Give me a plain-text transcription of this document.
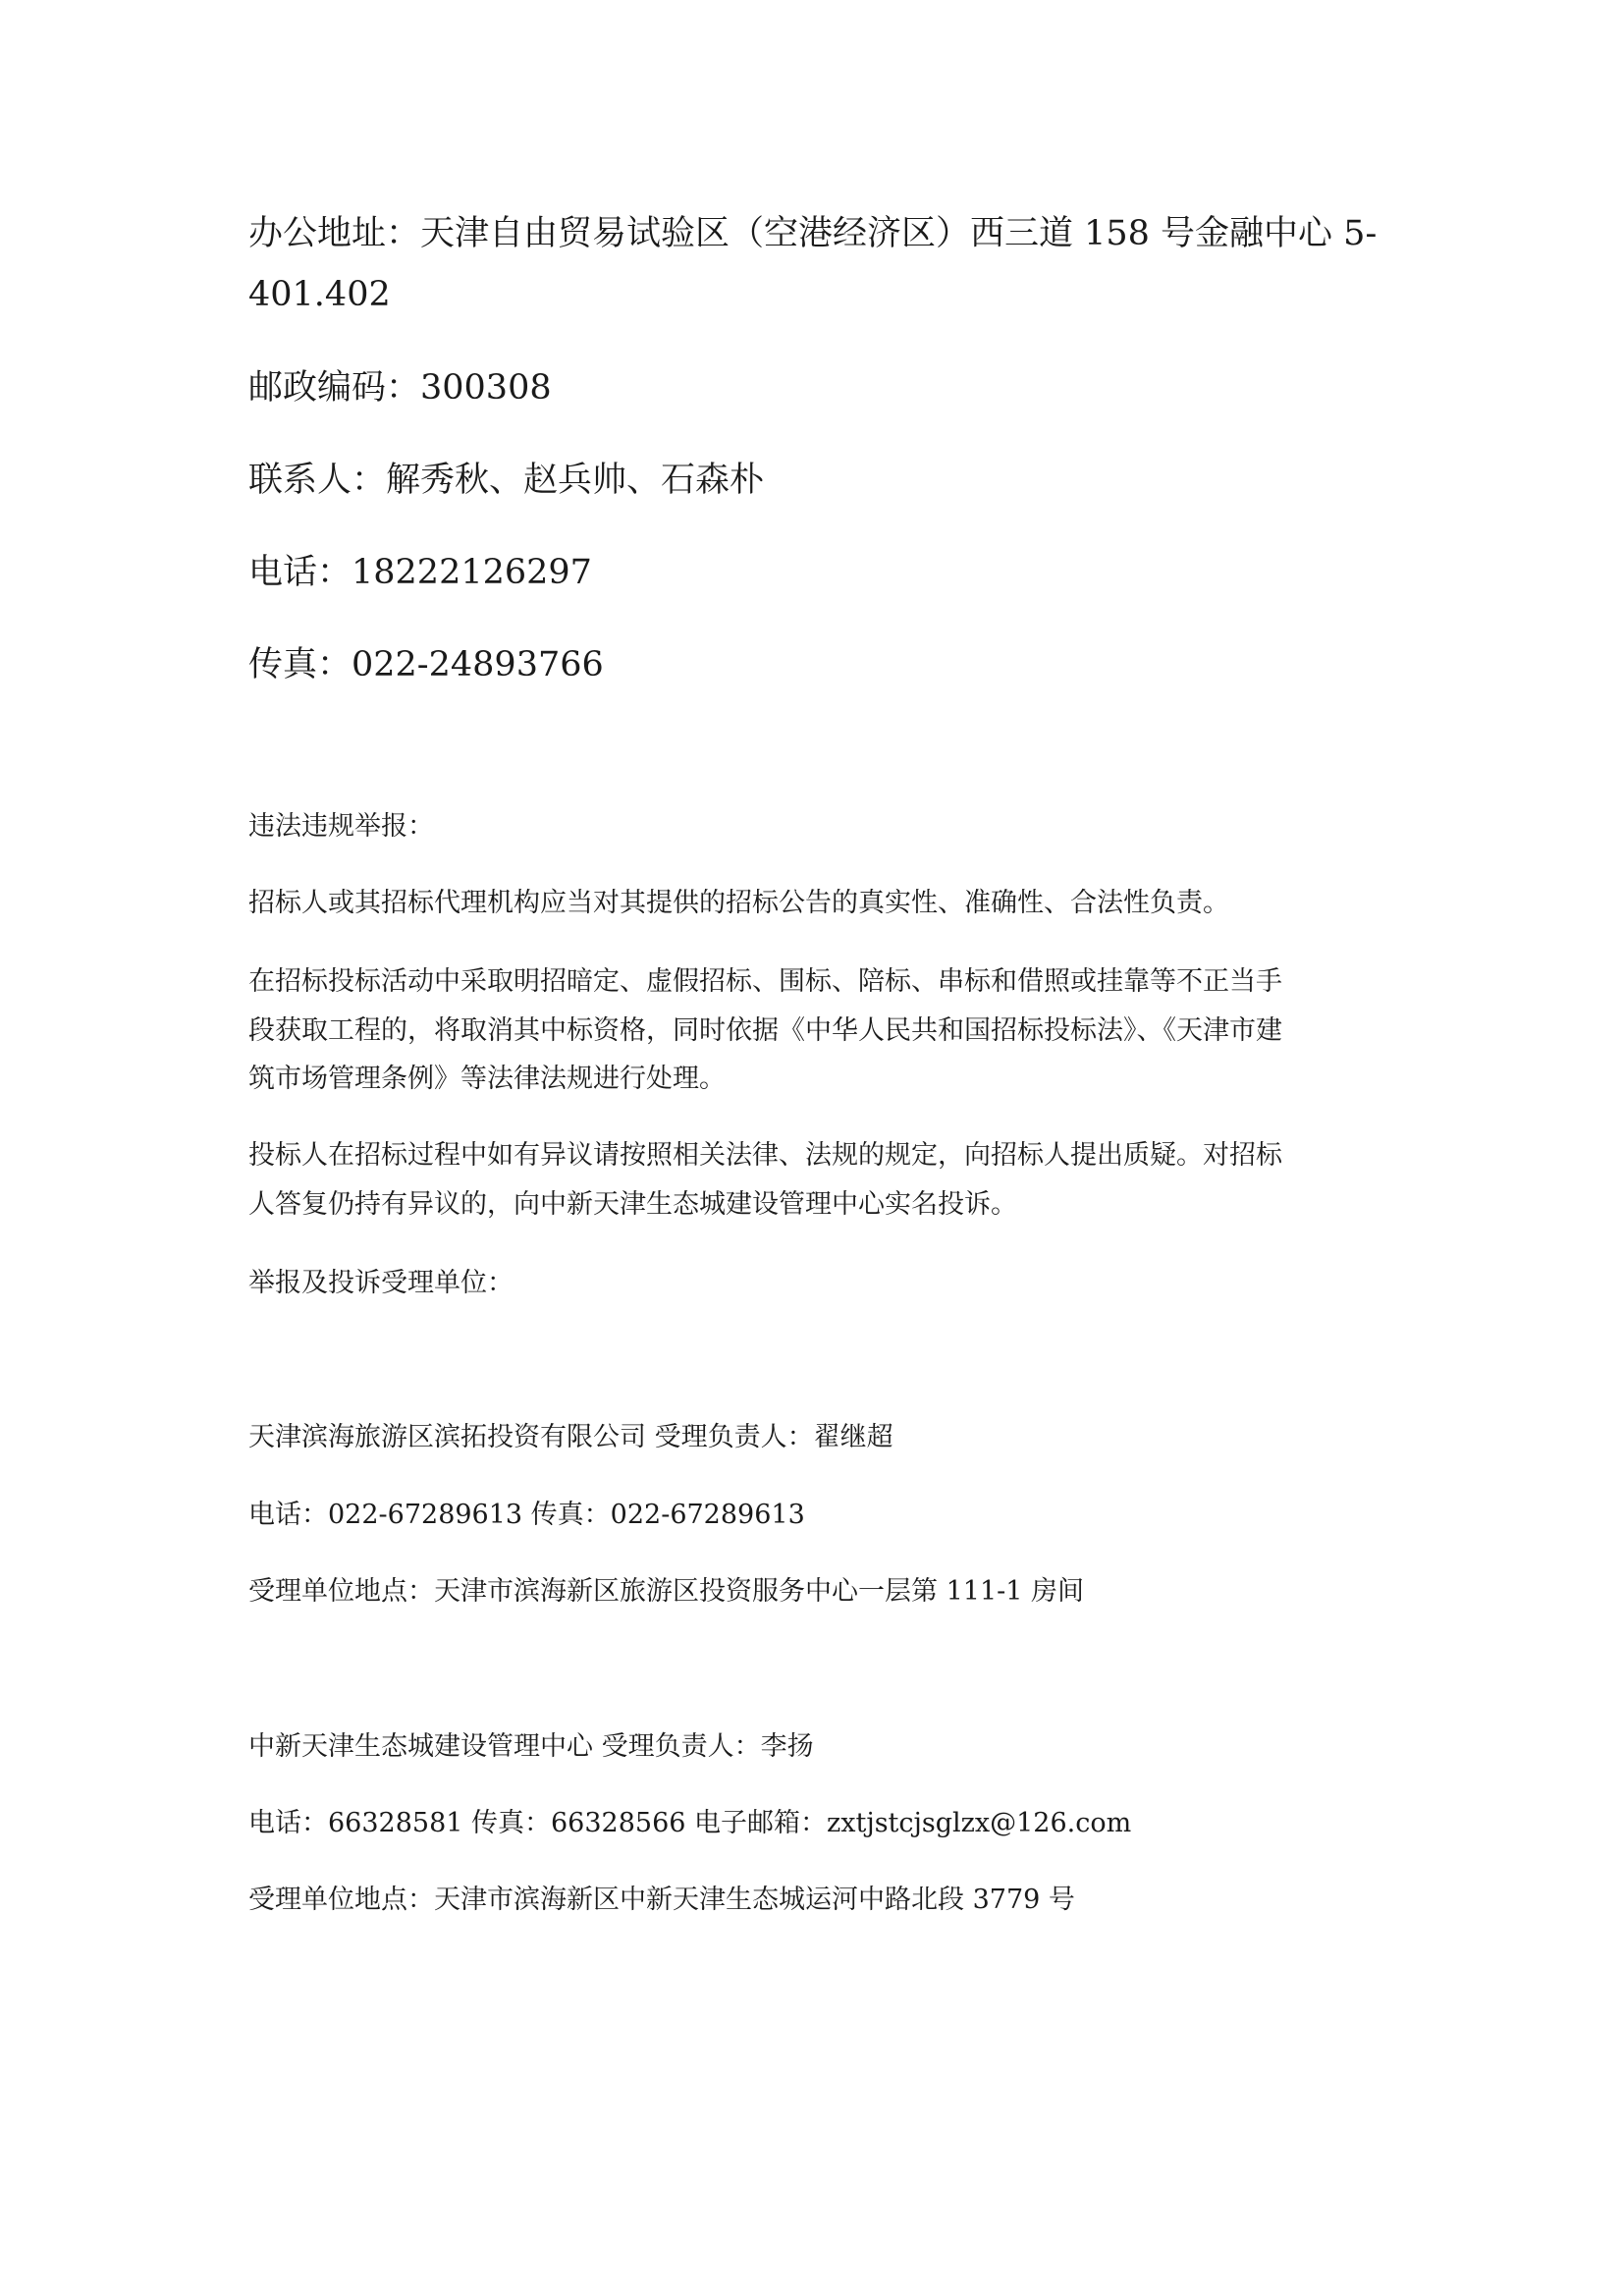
办公地址：天津自由贸易试验区（空港经济区）西三道 158 号金融中心 5-

401.402

邮政编码：300308

联系人：解秀秋、赵兵帅、石森朴

电话：18222126297

传真：022-24893766

违法违规举报：

招标人或其招标代理机构应当对其提供的招标公告的真实性、准确性、合法性负责。

在招标投标活动中采取明招暗定、虚假招标、围标、陪标、串标和借照或挂靠等不正当手

段获取工程的，将取消其中标资格，同时依据《中华人民共和国招标投标法》、《天津市建

筑市场管理条例》等法律法规进行处理。

投标人在招标过程中如有异议请按照相关法律、法规的规定，向招标人提出质疑。对招标

人答复仍持有异议的，向中新天津生态城建设管理中心实名投诉。

举报及投诉受理单位：

天津滨海旅游区滨拓投资有限公司 受理负责人：翟继超

电话：022-67289613 传真：022-67289613

受理单位地点：天津市滨海新区旅游区投资服务中心一层第 111-1 房间

中新天津生态城建设管理中心 受理负责人：李扬

电话：66328581 传真：66328566 电子邮箱：zxtjstcjsglzx@126.com

受理单位地点：天津市滨海新区中新天津生态城运河中路北段 3779 号
